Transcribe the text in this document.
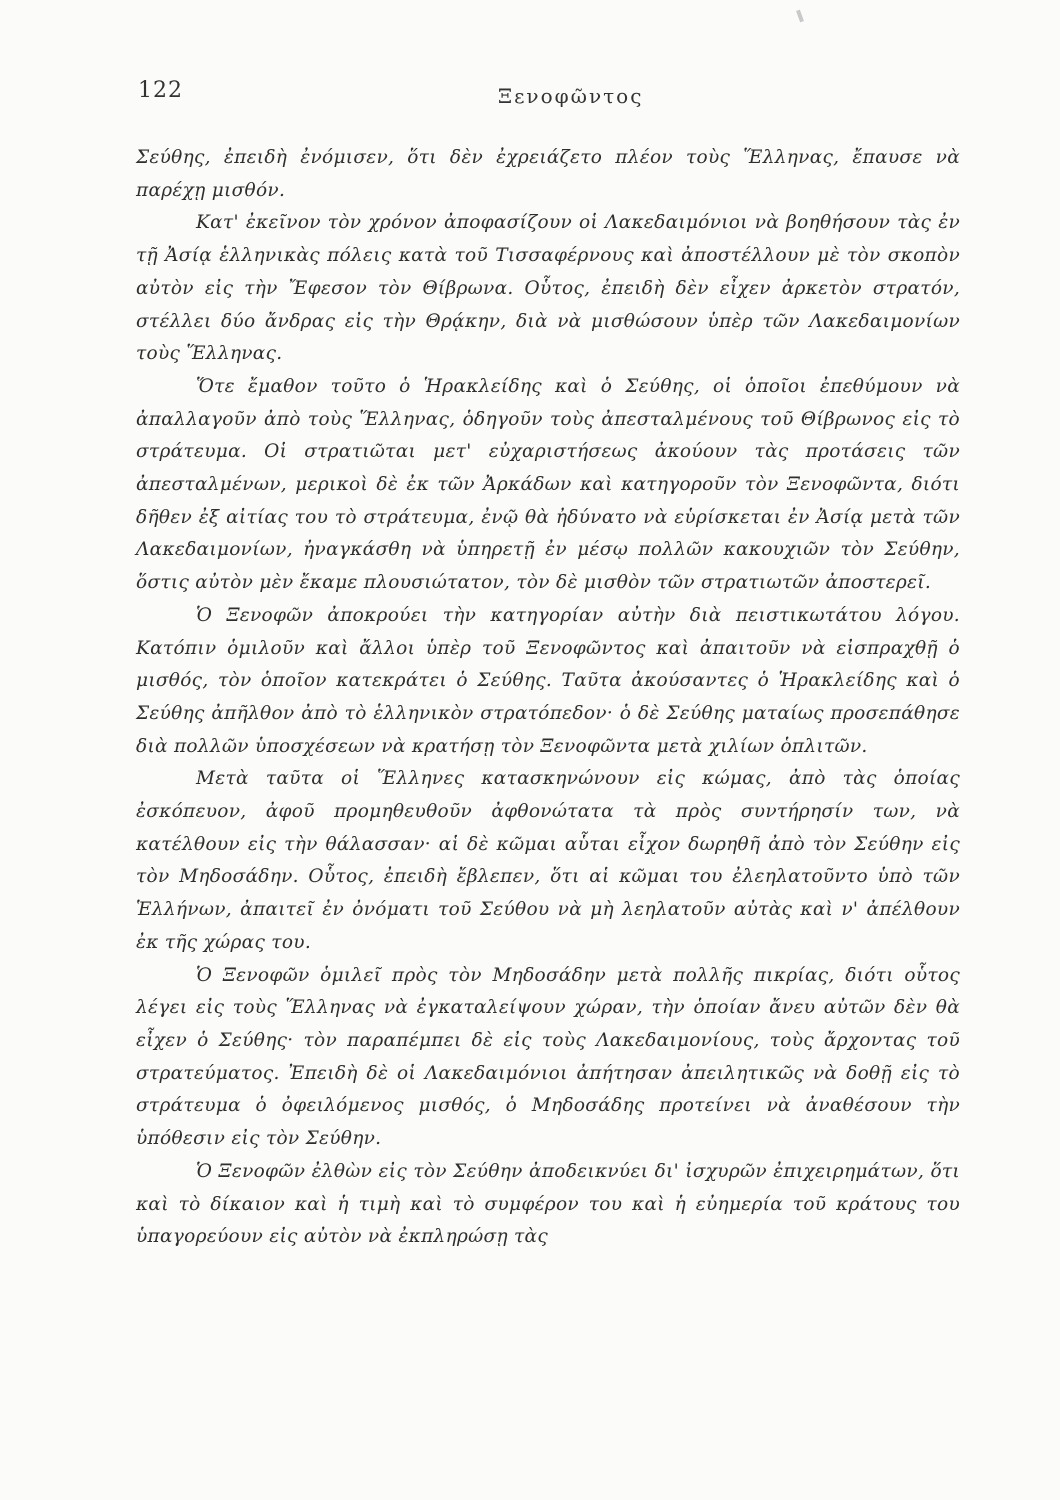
122	Ξενοφῶντος

Σεύθης, ἐπειδὴ ἐνόμισεν, ὅτι δὲν ἐχρειάζετο πλέον τοὺς Ἕλληνας, ἔπαυσε νὰ παρέχῃ μισθόν.

Κατ' ἐκεῖνον τὸν χρόνον ἀποφασίζουν οἱ Λακεδαιμόνιοι νὰ βοηθήσουν τὰς ἐν τῇ Ἀσίᾳ ἑλληνικὰς πόλεις κατὰ τοῦ Τισσαφέρνους καὶ ἀποστέλλουν μὲ τὸν σκοπὸν αὐτὸν εἰς τὴν Ἔφεσον τὸν Θίβρωνα. Οὗτος, ἐπειδὴ δὲν εἶχεν ἀρκετὸν στρατόν, στέλλει δύο ἄνδρας εἰς τὴν Θρᾴκην, διὰ νὰ μισθώσουν ὑπὲρ τῶν Λακεδαιμονίων τοὺς Ἕλληνας.

Ὅτε ἔμαθον τοῦτο ὁ Ἡρακλείδης καὶ ὁ Σεύθης, οἱ ὁποῖοι ἐπεθύμουν νὰ ἀπαλλαγοῦν ἀπὸ τοὺς Ἕλληνας, ὁδηγοῦν τοὺς ἀπεσταλμένους τοῦ Θίβρωνος εἰς τὸ στράτευμα. Οἱ στρατιῶται μετ' εὐχαριστήσεως ἀκούουν τὰς προτάσεις τῶν ἀπεσταλμένων, μερικοὶ δὲ ἐκ τῶν Ἀρκάδων καὶ κατηγοροῦν τὸν Ξενοφῶντα, διότι δῆθεν ἐξ αἰτίας του τὸ στράτευμα, ἐνῷ θὰ ἠδύνατο νὰ εὑρίσκεται ἐν Ἀσίᾳ μετὰ τῶν Λακεδαιμονίων, ἠναγκάσθη νὰ ὑπηρετῇ ἐν μέσῳ πολλῶν κακουχιῶν τὸν Σεύθην, ὅστις αὐτὸν μὲν ἔκαμε πλουσιώτατον, τὸν δὲ μισθὸν τῶν στρατιωτῶν ἀποστερεῖ.

Ὁ Ξενοφῶν ἀποκρούει τὴν κατηγορίαν αὐτὴν διὰ πειστικωτάτου λόγου. Κατόπιν ὁμιλοῦν καὶ ἄλλοι ὑπὲρ τοῦ Ξενοφῶντος καὶ ἀπαιτοῦν νὰ εἰσπραχθῇ ὁ μισθός, τὸν ὁποῖον κατεκράτει ὁ Σεύθης. Ταῦτα ἀκούσαντες ὁ Ἡρακλείδης καὶ ὁ Σεύθης ἀπῆλθον ἀπὸ τὸ ἑλληνικὸν στρατόπεδον· ὁ δὲ Σεύθης ματαίως προσεπάθησε διὰ πολλῶν ὑποσχέσεων νὰ κρατήσῃ τὸν Ξενοφῶντα μετὰ χιλίων ὁπλιτῶν.

Μετὰ ταῦτα οἱ Ἕλληνες κατασκηνώνουν εἰς κώμας, ἀπὸ τὰς ὁποίας ἐσκόπευον, ἀφοῦ προμηθευθοῦν ἀφθονώτατα τὰ πρὸς συντήρησίν των, νὰ κατέλθουν εἰς τὴν θάλασσαν· αἱ δὲ κῶμαι αὗται εἶχον δωρηθῆ ἀπὸ τὸν Σεύθην εἰς τὸν Μηδοσάδην. Οὗτος, ἐπειδὴ ἔβλεπεν, ὅτι αἱ κῶμαι του ἐλεηλατοῦντο ὑπὸ τῶν Ἑλλήνων, ἀπαιτεῖ ἐν ὀνόματι τοῦ Σεύθου νὰ μὴ λεηλατοῦν αὐτὰς καὶ ν' ἀπέλθουν ἐκ τῆς χώρας του.

Ὁ Ξενοφῶν ὁμιλεῖ πρὸς τὸν Μηδοσάδην μετὰ πολλῆς πικρίας, διότι οὗτος λέγει εἰς τοὺς Ἕλληνας νὰ ἐγκαταλείψουν χώραν, τὴν ὁποίαν ἄνευ αὐτῶν δὲν θὰ εἶχεν ὁ Σεύθης· τὸν παραπέμπει δὲ εἰς τοὺς Λακεδαιμονίους, τοὺς ἄρχοντας τοῦ στρατεύματος. Ἐπειδὴ δὲ οἱ Λακεδαιμόνιοι ἀπήτησαν ἀπειλητικῶς νὰ δοθῇ εἰς τὸ στράτευμα ὁ ὀφειλόμενος μισθός, ὁ Μηδοσάδης προτείνει νὰ ἀναθέσουν τὴν ὑπόθεσιν εἰς τὸν Σεύθην.

Ὁ Ξενοφῶν ἐλθὼν εἰς τὸν Σεύθην ἀποδεικνύει δι' ἰσχυρῶν ἐπιχειρημάτων, ὅτι καὶ τὸ δίκαιον καὶ ἡ τιμὴ καὶ τὸ συμφέρον του καὶ ἡ εὐημερία τοῦ κράτους του ὑπαγορεύουν εἰς αὐτὸν νὰ ἐκπληρώσῃ τὰς
